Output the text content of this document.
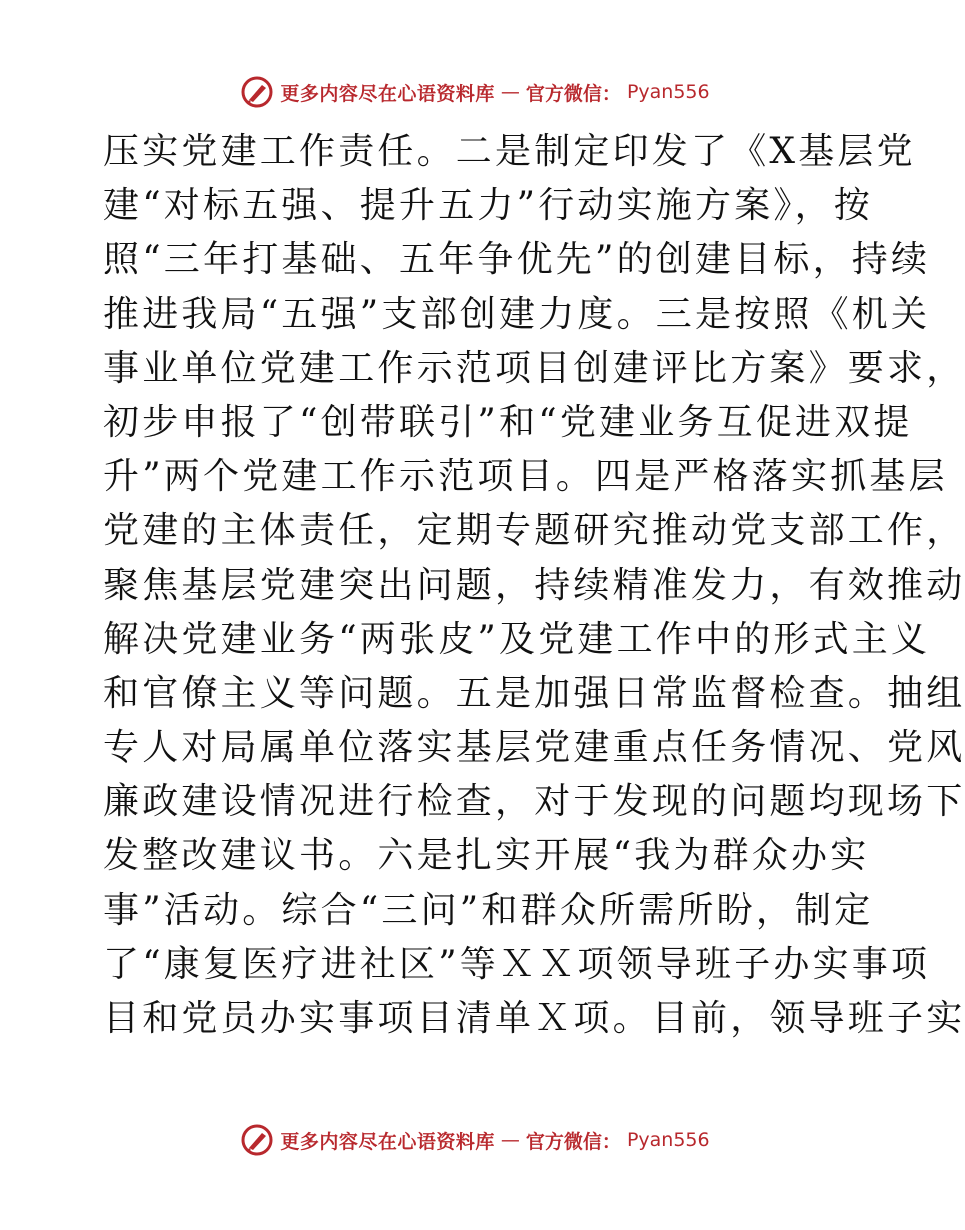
更多内容尽在心语资料库 — 官方微信： Pyan556
压实党建工作责任。二是制定印发了《X基层党
建“对标五强、提升五力”行动实施方案》，按
照“三年打基础、五年争优先”的创建目标，持续
推进我局“五强”支部创建力度。三是按照《机关
事业单位党建工作示范项目创建评比方案》要求，
初步申报了“创带联引”和“党建业务互促进双提
升”两个党建工作示范项目。四是严格落实抓基层
党建的主体责任，定期专题研究推动党支部工作，
聚焦基层党建突出问题，持续精准发力，有效推动
解决党建业务“两张皮”及党建工作中的形式主义
和官僚主义等问题。五是加强日常监督检查。抽组
专人对局属单位落实基层党建重点任务情况、党风
廉政建设情况进行检查，对于发现的问题均现场下
发整改建议书。六是扎实开展“我为群众办实
事”活动。综合“三问”和群众所需所盼，制定
了“康复医疗进社区”等ＸＸ项领导班子办实事项
目和党员办实事项目清单Ｘ项。目前，领导班子实
更多内容尽在心语资料库 — 官方微信： Pyan556
